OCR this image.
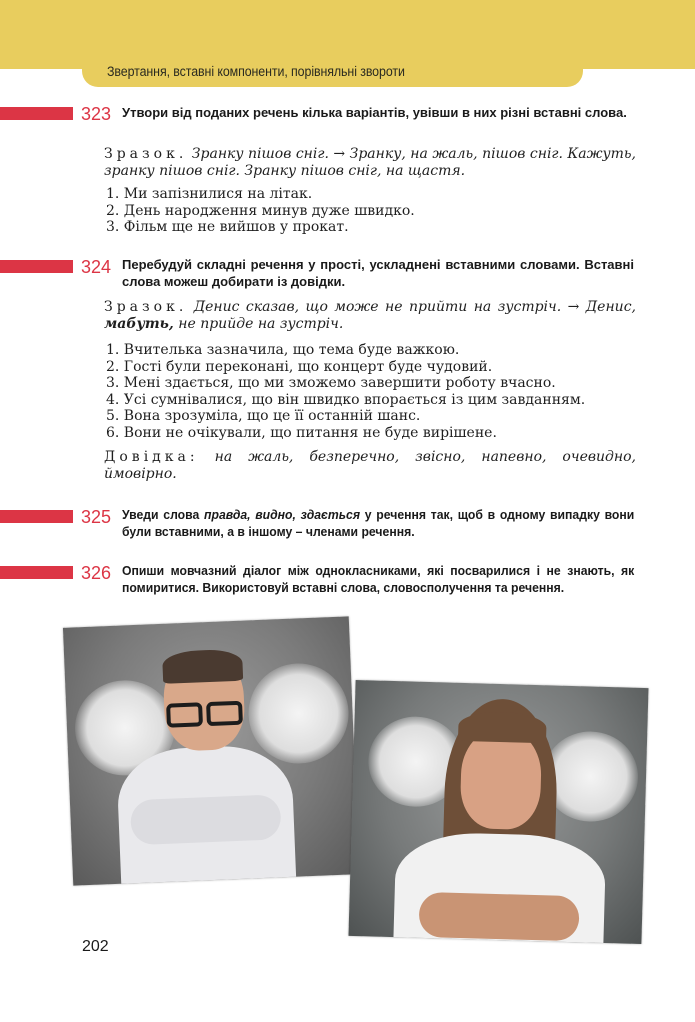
Звертання, вставні компоненти, порівняльні звороти
323 Утвори від поданих речень кілька варіантів, увівши в них різні вставні слова.
Зразок. Зранку пішов сніг. → Зранку, на жаль, пішов сніг. Кажуть, зранку пішов сніг. Зранку пішов сніг, на щастя.
1. Ми запізнилися на літак.
2. День народження минув дуже швидко.
3. Фільм ще не вийшов у прокат.
324 Перебудуй складні речення у прості, ускладнені вставними словами. Вставні слова можеш добирати із довідки.
Зразок. Денис сказав, що може не прийти на зустріч. → Денис, мабуть, не прийде на зустріч.
1. Вчителька зазначила, що тема буде важкою.
2. Гості були переконані, що концерт буде чудовий.
3. Мені здається, що ми зможемо завершити роботу вчасно.
4. Усі сумнівалися, що він швидко впорається із цим завданням.
5. Вона зрозуміла, що це її останній шанс.
6. Вони не очікували, що питання не буде вирішене.
Довідка: на жаль, безперечно, звісно, напевно, очевидно, ймовірно.
325 Уведи слова правда, видно, здається у речення так, щоб в одному випадку вони були вставними, а в іншому – членами речення.
326 Опиши мовчазний діалог між однокласниками, які посварилися і не знають, як помиритися. Використовуй вставні слова, словосполучення та речення.
202
